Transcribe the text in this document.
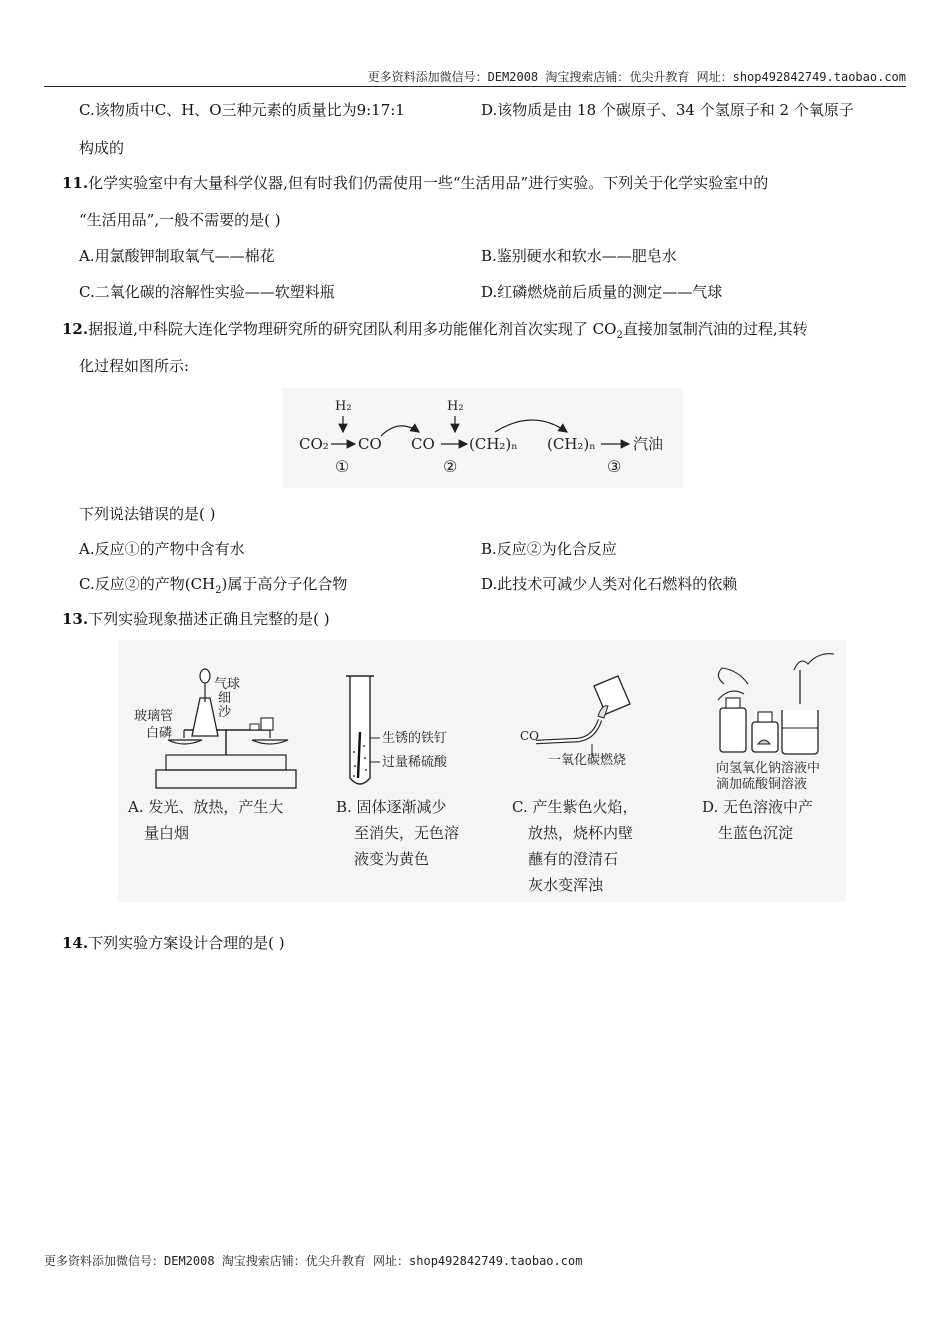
更多资料添加微信号：DEM2008 淘宝搜索店铺：优尖升教育 网址：shop492842749.taobao.com
C.该物质中C、H、O三种元素的质量比为9:17:1	D.该物质是由 18 个碳原子、34 个氢原子和 2 个氧原子
构成的
11.化学实验室中有大量科学仪器,但有时我们仍需使用一些“生活用品”进行实验。下列关于化学实验室中的
“生活用品”,一般不需要的是( )
A.用氯酸钾制取氧气——棉花	B.鉴别硬水和软水——肥皂水
C.二氧化碳的溶解性实验——软塑料瓶	D.红磷燃烧前后质量的测定——气球
12.据报道,中科院大连化学物理研究所的研究团队利用多功能催化剂首次实现了 $CO_2$直接加氢制汽油的过程,其转
化过程如图所示:
H₂
CO₂ CO
①
CO
H₂
(CH₂)ₙ
②
(CH₂)ₙ 汽油
③
下列说法错误的是( )
A.反应①的产物中含有水	B.反应②为化合反应
C.反应②的产物$(CH_2)$属于高分子化合物	D.此技术可减少人类对化石燃料的依赖
13.下列实验现象描述正确且完整的是( )
气球
细
沙
玻璃管
白磷
A. 发光、放热，产生大
量白烟
生锈的铁钉
过量稀硫酸
B. 固体逐渐减少
至消失，无色溶
液变为黄色
CO
一氧化碳燃烧
C. 产生紫色火焰，
放热，烧杯内壁
蘸有的澄清石
灰水变浑浊
向氢氧化钠溶液中
滴加硫酸铜溶液
D. 无色溶液中产
生蓝色沉淀
14.下列实验方案设计合理的是( )
更多资料添加微信号：DEM2008 淘宝搜索店铺：优尖升教育 网址：shop492842749.taobao.com
